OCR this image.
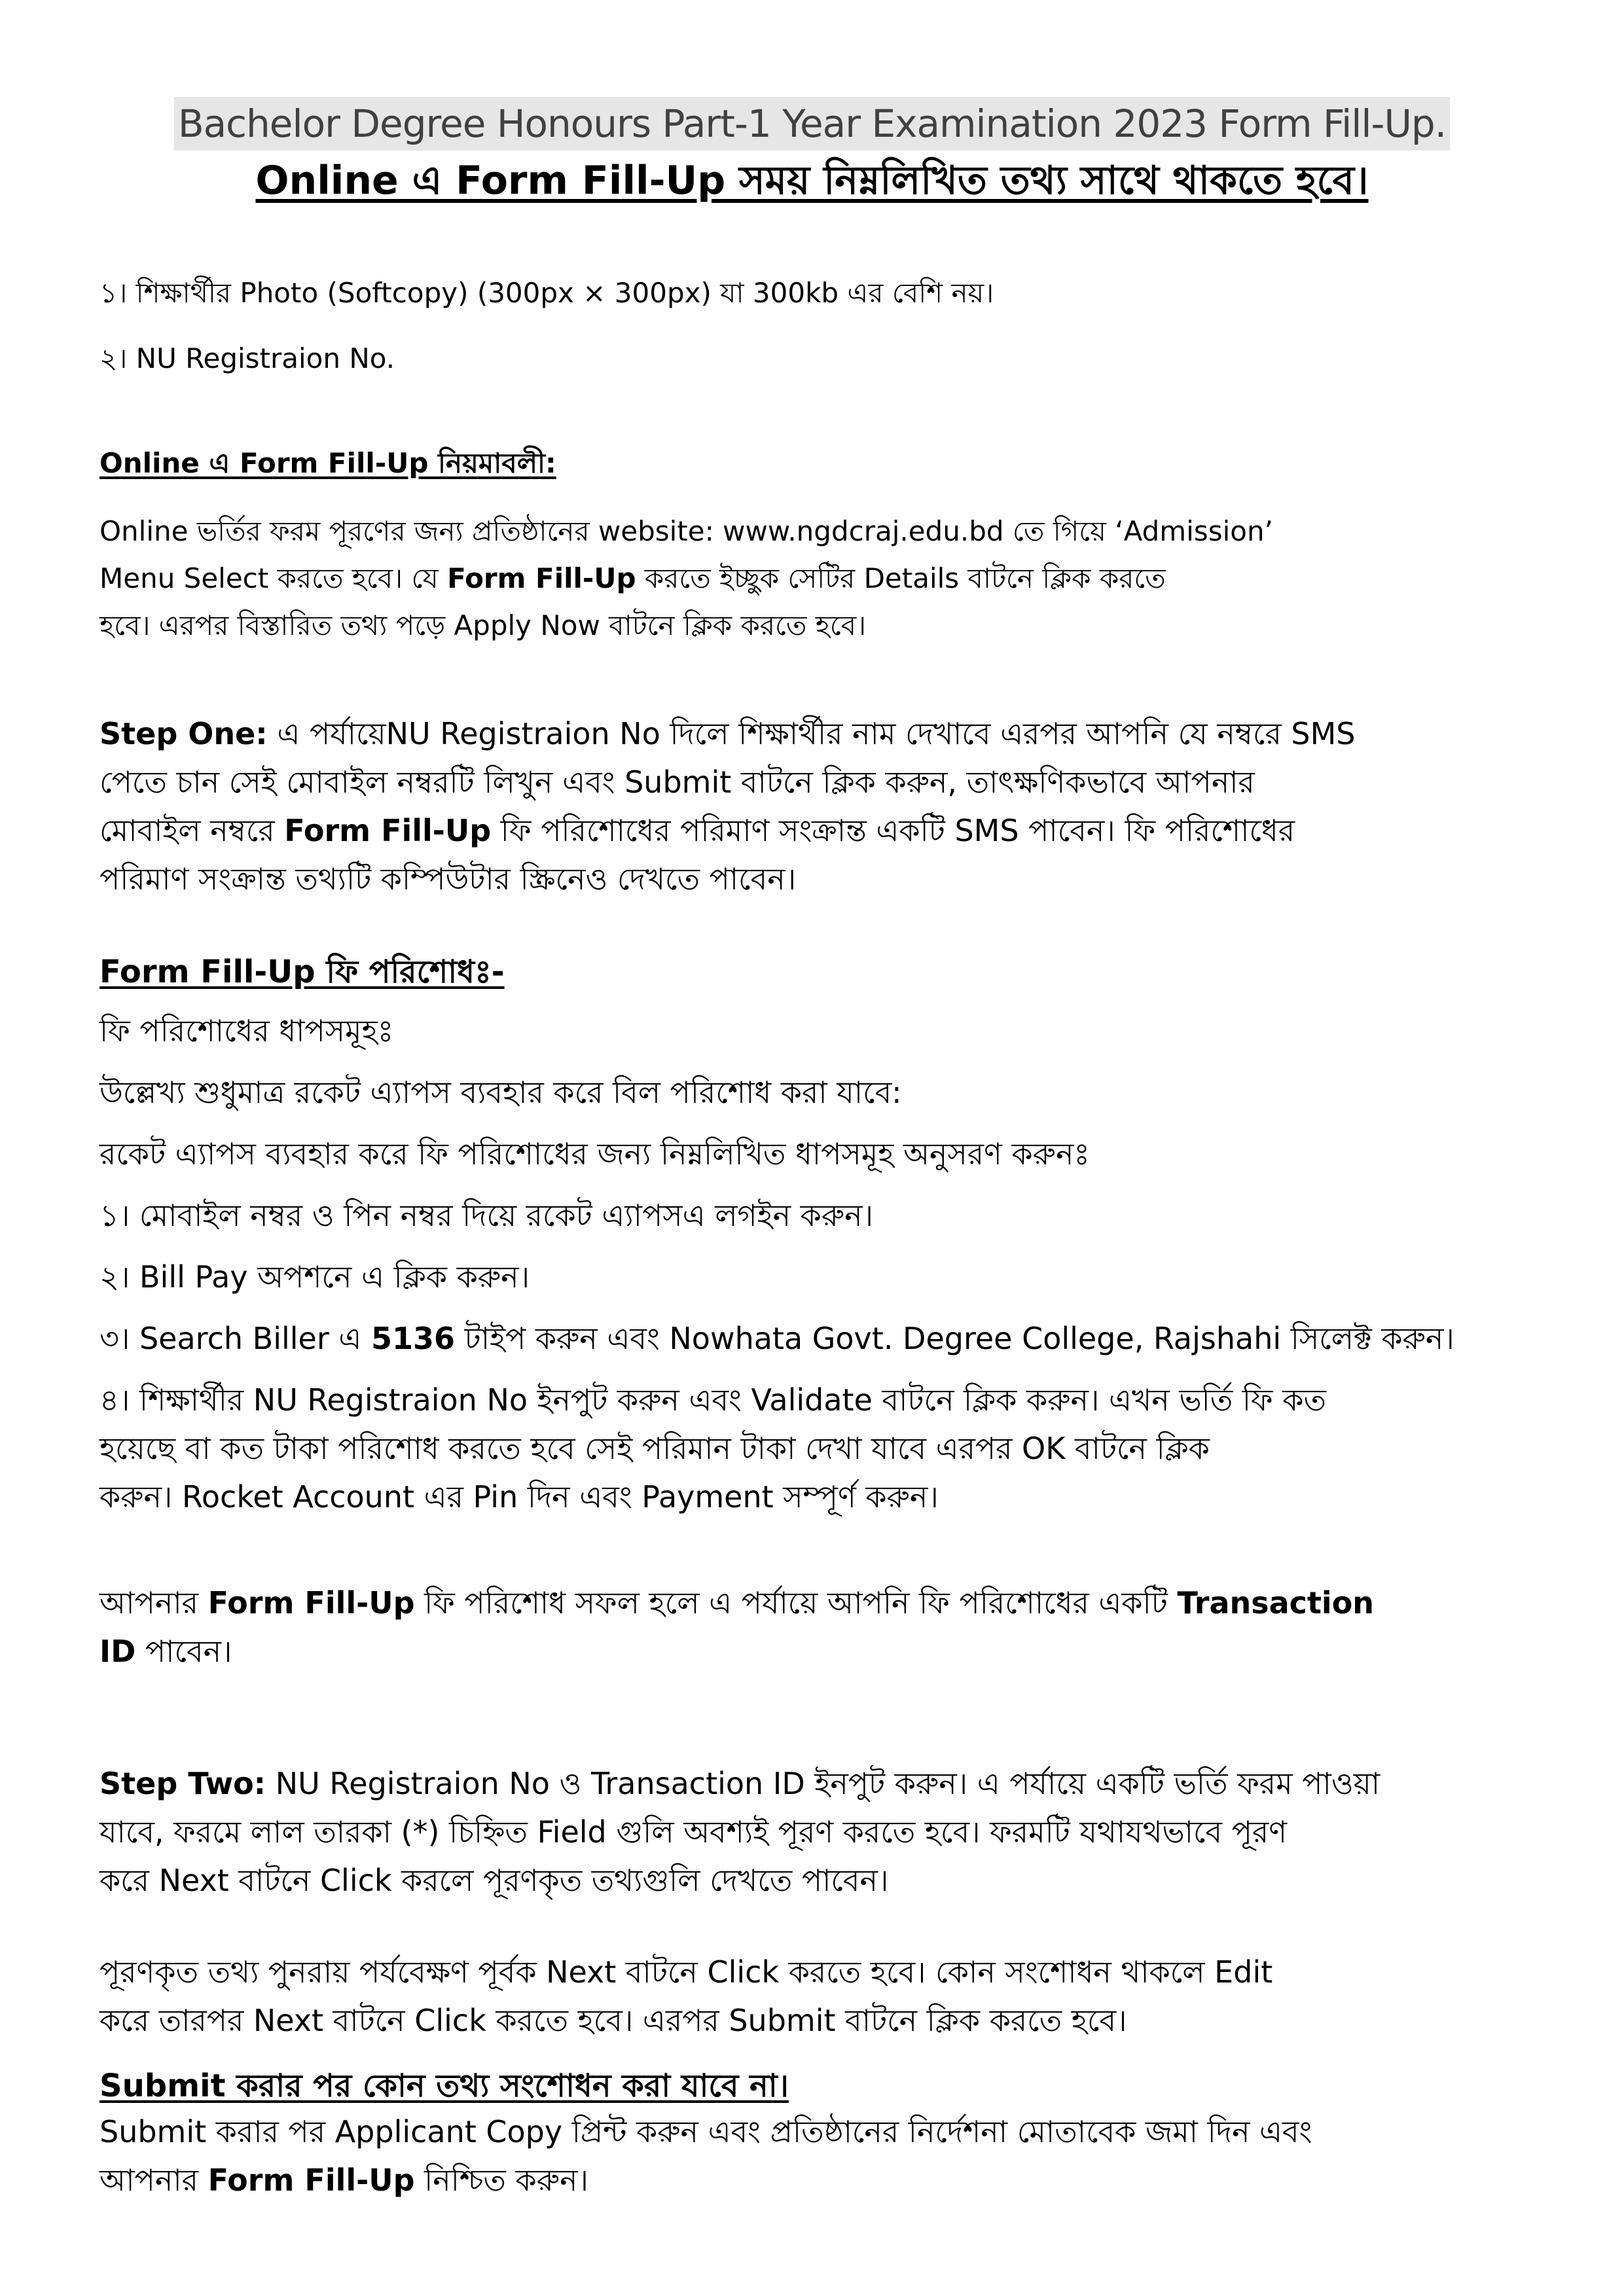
Bachelor Degree Honours Part-1 Year Examination 2023 Form Fill-Up.
Online এ Form Fill-Up সময় নিম্নলিখিত তথ্য সাথে থাকতে হবে।

১। শিক্ষার্থীর Photo (Softcopy) (300px × 300px) যা 300kb এর বেশি নয়।

২। NU Registraion No.

Online এ Form Fill-Up নিয়মাবলী:

Online ভর্তির ফরম পূরণের জন্য প্রতিষ্ঠানের website: www.ngdcraj.edu.bd তে গিয়ে ‘Admission’

Menu Select করতে হবে। যে Form Fill-Up করতে ইচ্ছুক সেটির Details বাটনে ক্লিক করতে

হবে। এরপর বিস্তারিত তথ্য পড়ে Apply Now বাটনে ক্লিক করতে হবে।

Step One: এ পর্যায়েNU Registraion No দিলে শিক্ষার্থীর নাম দেখাবে এরপর আপনি যে নম্বরে SMS

পেতে চান সেই মোবাইল নম্বরটি লিখুন এবং Submit বাটনে ক্লিক করুন, তাৎক্ষণিকভাবে আপনার

মোবাইল নম্বরে Form Fill-Up ফি পরিশোধের পরিমাণ সংক্রান্ত একটি SMS পাবেন। ফি পরিশোধের

পরিমাণ সংক্রান্ত তথ্যটি কম্পিউটার স্ক্রিনেও দেখতে পাবেন।

Form Fill-Up ফি পরিশোধঃ-

ফি পরিশোধের ধাপসমূহঃ

উল্লেখ্য শুধুমাত্র রকেট এ্যাপস ব্যবহার করে বিল পরিশোধ করা যাবে:

রকেট এ্যাপস ব্যবহার করে ফি পরিশোধের জন্য নিম্নলিখিত ধাপসমূহ অনুসরণ করুনঃ

১। মোবাইল নম্বর ও পিন নম্বর দিয়ে রকেট এ্যাপসএ লগইন করুন।

২। Bill Pay অপশনে এ ক্লিক করুন।

৩। Search Biller এ 5136 টাইপ করুন এবং Nowhata Govt. Degree College, Rajshahi সিলেক্ট করুন।

৪। শিক্ষার্থীর NU Registraion No ইনপুট করুন এবং Validate বাটনে ক্লিক করুন। এখন ভর্তি ফি কত

হয়েছে বা কত টাকা পরিশোধ করতে হবে সেই পরিমান টাকা দেখা যাবে এরপর OK বাটনে ক্লিক

করুন। Rocket Account এর Pin দিন এবং Payment সম্পূর্ণ করুন।

আপনার Form Fill-Up ফি পরিশোধ সফল হলে এ পর্যায়ে আপনি ফি পরিশোধের একটি Transaction

ID পাবেন।

Step Two: NU Registraion No ও Transaction ID ইনপুট করুন। এ পর্যায়ে একটি ভর্তি ফরম পাওয়া

যাবে, ফরমে লাল তারকা (*) চিহ্নিত Field গুলি অবশ্যই পূরণ করতে হবে। ফরমটি যথাযথভাবে পূরণ

করে Next বাটনে Click করলে পূরণকৃত তথ্যগুলি দেখতে পাবেন।

পূরণকৃত তথ্য পুনরায় পর্যবেক্ষণ পূর্বক Next বাটনে Click করতে হবে। কোন সংশোধন থাকলে Edit

করে তারপর Next বাটনে Click করতে হবে। এরপর Submit বাটনে ক্লিক করতে হবে।

Submit করার পর কোন তথ্য সংশোধন করা যাবে না।

Submit করার পর Applicant Copy প্রিন্ট করুন এবং প্রতিষ্ঠানের নির্দেশনা মোতাবেক জমা দিন এবং

আপনার Form Fill-Up নিশ্চিত করুন।
